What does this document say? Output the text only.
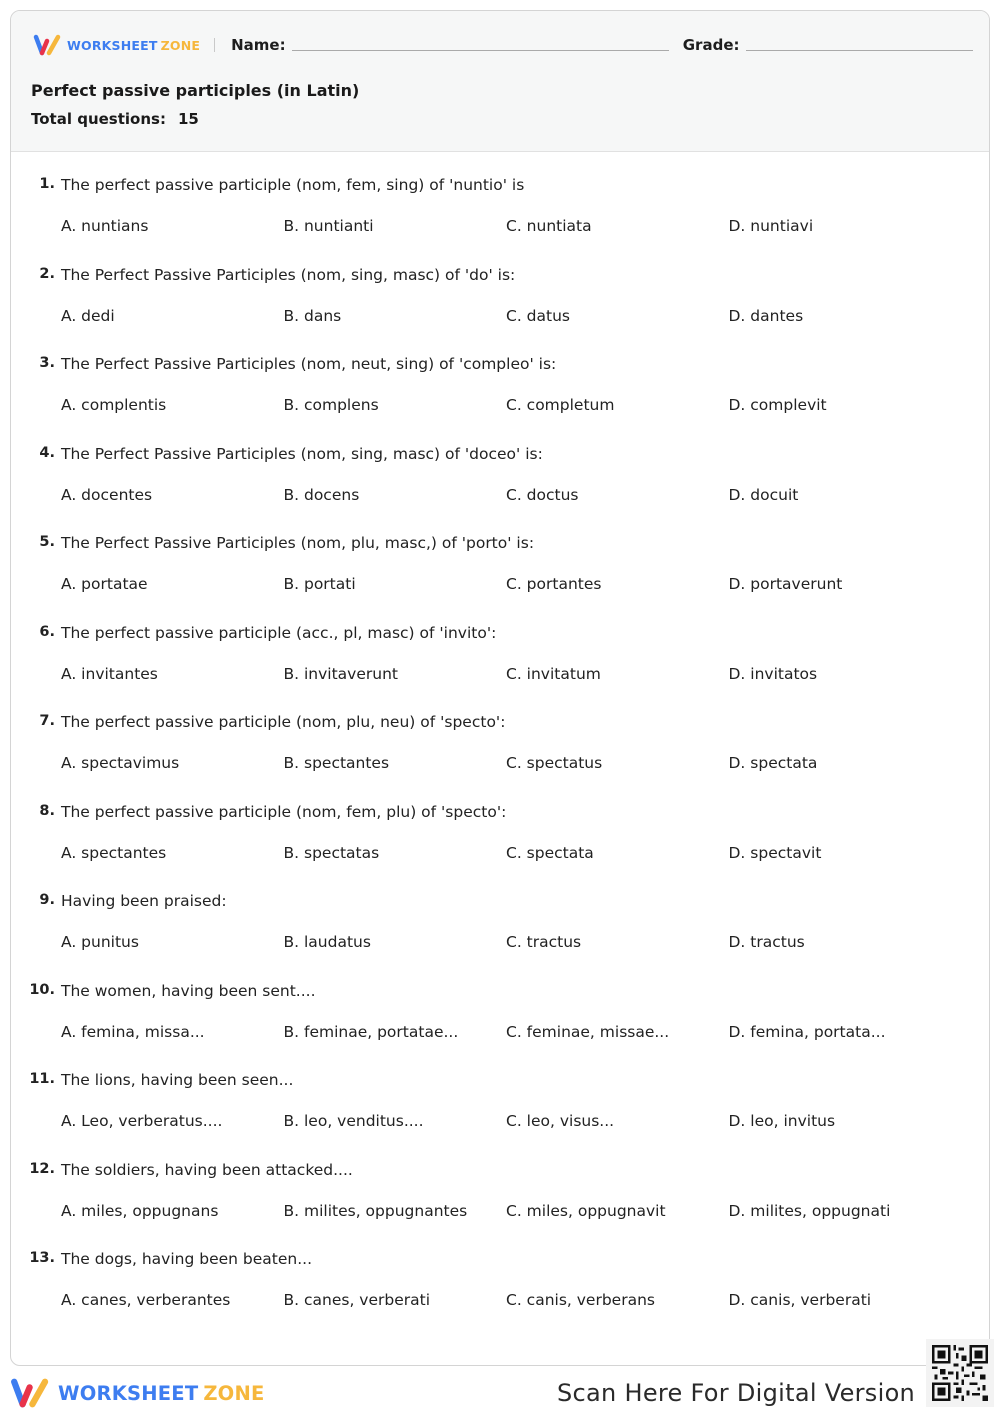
WORKSHEET ZONE Name:	Grade:
Perfect passive participles (in Latin)
Total questions: 15
1. The perfect passive participle (nom, fem, sing) of 'nuntio' is
A. nuntians	B. nuntianti	C. nuntiata	D. nuntiavi
2. The Perfect Passive Participles (nom, sing, masc) of 'do' is:
A. dedi	B. dans	C. datus	D. dantes
3. The Perfect Passive Participles (nom, neut, sing) of 'compleo' is:
A. complentis	B. complens	C. completum	D. complevit
4. The Perfect Passive Participles (nom, sing, masc) of 'doceo' is:
A. docentes	B. docens	C. doctus	D. docuit
5. The Perfect Passive Participles (nom, plu, masc,) of 'porto' is:
A. portatae	B. portati	C. portantes	D. portaverunt
6. The perfect passive participle (acc., pl, masc) of 'invito':
A. invitantes	B. invitaverunt	C. invitatum	D. invitatos
7. The perfect passive participle (nom, plu, neu) of 'specto':
A. spectavimus	B. spectantes	C. spectatus	D. spectata
8. The perfect passive participle (nom, fem, plu) of 'specto':
A. spectantes	B. spectatas	C. spectata	D. spectavit
9. Having been praised:
A. punitus	B. laudatus	C. tractus	D. tractus
10. The women, having been sent....
A. femina, missa...	B. feminae, portatae...	C. feminae, missae...	D. femina, portata...
11. The lions, having been seen...
A. Leo, verberatus....	B. leo, venditus....	C. leo, visus...	D. leo, invitus
12. The soldiers, having been attacked....
A. miles, oppugnans	B. milites, oppugnantes	C. miles, oppugnavit	D. milites, oppugnati
13. The dogs, having been beaten...
A. canes, verberantes	B. canes, verberati	C. canis, verberans	D. canis, verberati
WORKSHEET ZONE	Scan Here For Digital Version
